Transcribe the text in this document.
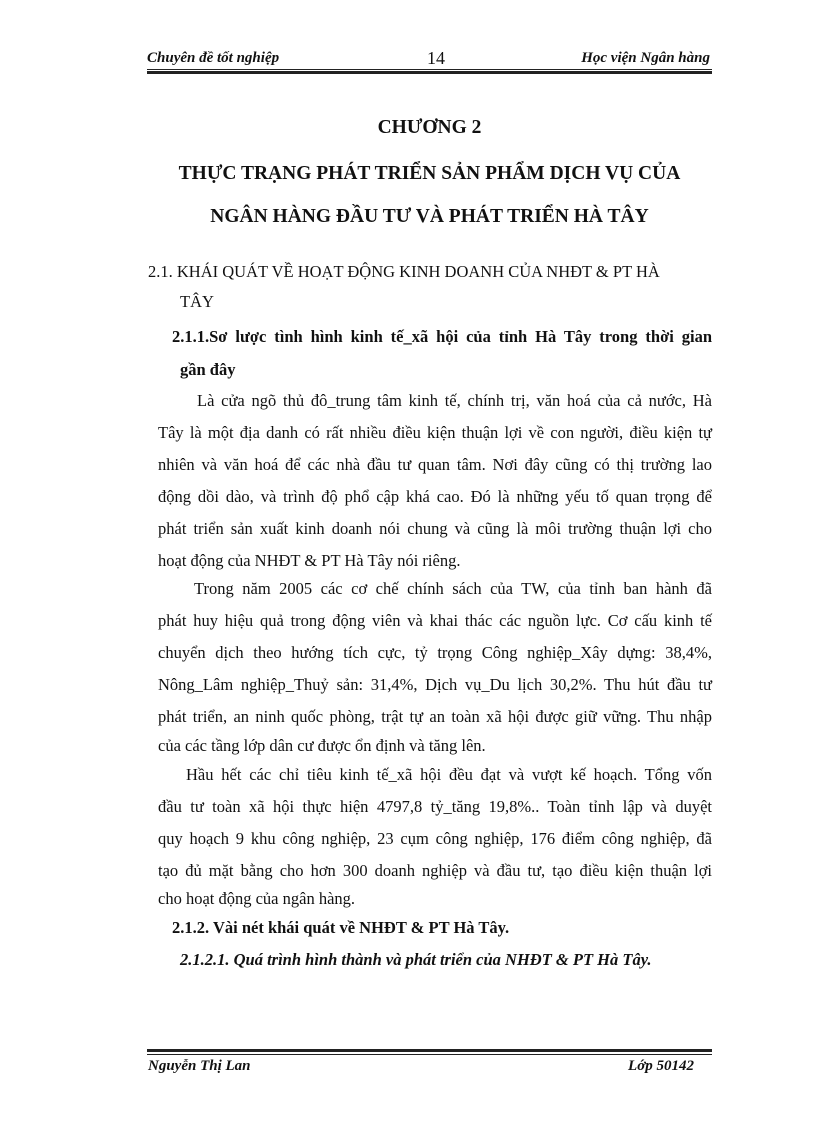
Chuyên đề tốt nghiệp	14	Học viện Ngân hàng
CHƯƠNG 2
THỰC TRẠNG PHÁT TRIỂN SẢN PHẨM DỊCH VỤ CỦA
NGÂN HÀNG ĐẦU TƯ VÀ PHÁT TRIỂN HÀ TÂY
2.1. KHÁI QUÁT VỀ HOẠT ĐỘNG KINH DOANH CỦA NHĐT & PT HÀ
TÂY
2.1.1.Sơ lược tình hình kinh tế_xã hội của tỉnh Hà Tây trong thời gian
gần đây
Là cửa ngõ thủ đô_trung tâm kinh tế, chính trị, văn hoá của cả nước, Hà
Tây là một địa danh có rất nhiều điều kiện thuận lợi về con người, điều kiện tự
nhiên và văn hoá để các nhà đầu tư quan tâm. Nơi đây cũng có thị trường lao
động dồi dào, và trình độ phổ cập khá cao. Đó là những yếu tố quan trọng để
phát triển sản xuất kinh doanh nói chung và cũng là môi trường thuận lợi cho
hoạt động của NHĐT & PT Hà Tây nói riêng.
Trong năm 2005 các cơ chế chính sách của TW, của tỉnh ban hành đã
phát huy hiệu quả trong động viên và khai thác các nguồn lực. Cơ cấu kinh tế
chuyển dịch theo hướng tích cực, tỷ trọng Công nghiệp_Xây dựng: 38,4%,
Nông_Lâm nghiệp_Thuỷ sản: 31,4%, Dịch vụ_Du lịch 30,2%. Thu hút đầu tư
phát triển, an ninh quốc phòng, trật tự an toàn xã hội được giữ vững. Thu nhập
của các tầng lớp dân cư được ổn định và tăng lên.
Hầu hết các chỉ tiêu kinh tế_xã hội đều đạt và vượt kế hoạch. Tổng vốn
đầu tư toàn xã hội thực hiện 4797,8 tỷ_tăng 19,8%.. Toàn tỉnh lập và duyệt
quy hoạch 9 khu công nghiệp, 23 cụm công nghiệp, 176 điểm công nghiệp, đã
tạo đủ mặt bằng cho hơn 300 doanh nghiệp và đầu tư, tạo điều kiện thuận lợi
cho hoạt động của ngân hàng.
2.1.2. Vài nét khái quát về NHĐT & PT Hà Tây.
2.1.2.1. Quá trình hình thành và phát triển của NHĐT & PT Hà Tây.
Nguyễn Thị Lan	Lớp 50142
